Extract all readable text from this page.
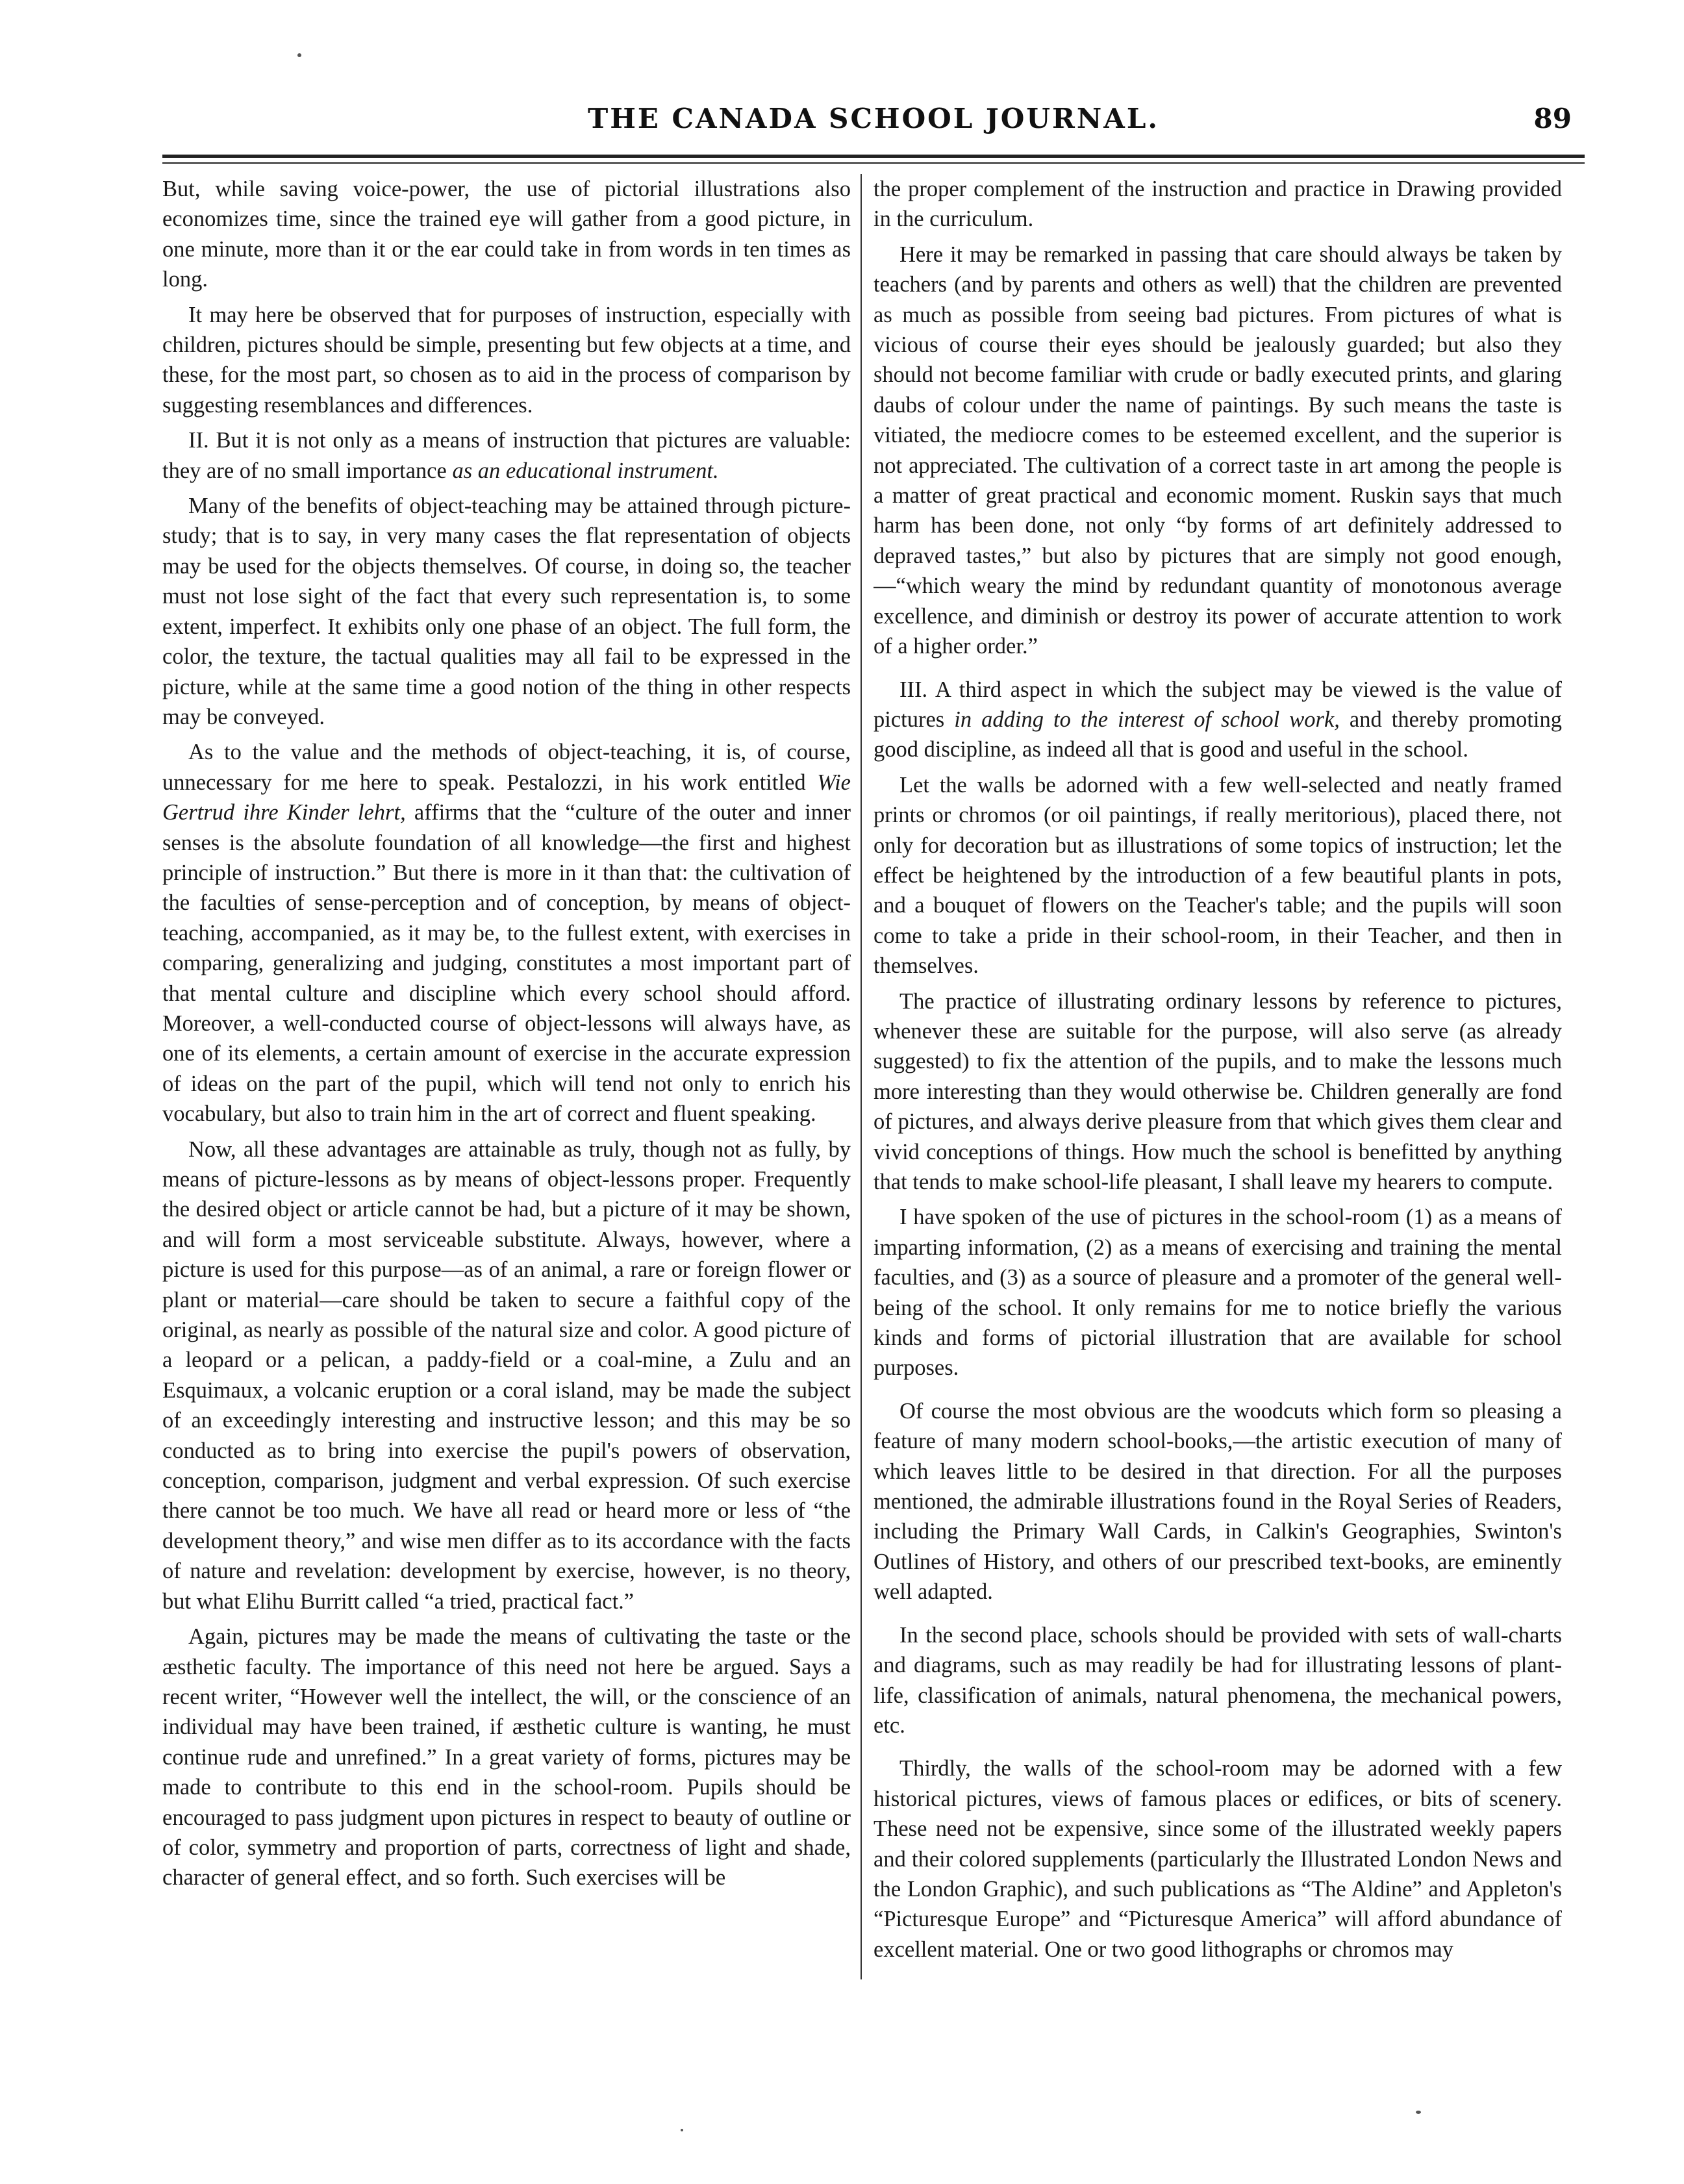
THE CANADA SCHOOL JOURNAL.	89

But, while saving voice-power, the use of pictorial illustrations also economizes time, since the trained eye will gather from a good picture, in one minute, more than it or the ear could take in from words in ten times as long.

It may here be observed that for purposes of instruction, especially with children, pictures should be simple, presenting but few objects at a time, and these, for the most part, so chosen as to aid in the process of comparison by suggesting resemblances and differences.

II. But it is not only as a means of instruction that pictures are valuable: they are of no small importance as an educational instrument.

Many of the benefits of object-teaching may be attained through picture-study; that is to say, in very many cases the flat representation of objects may be used for the objects themselves. Of course, in doing so, the teacher must not lose sight of the fact that every such representation is, to some extent, imperfect. It exhibits only one phase of an object. The full form, the color, the texture, the tactual qualities may all fail to be expressed in the picture, while at the same time a good notion of the thing in other respects may be conveyed.

As to the value and the methods of object-teaching, it is, of course, unnecessary for me here to speak. Pestalozzi, in his work entitled Wie Gertrud ihre Kinder lehrt, affirms that the “culture of the outer and inner senses is the absolute foundation of all knowledge—the first and highest principle of instruction.” But there is more in it than that: the cultivation of the faculties of sense-perception and of conception, by means of object-teaching, accompanied, as it may be, to the fullest extent, with exercises in comparing, generalizing and judging, constitutes a most important part of that mental culture and discipline which every school should afford. Moreover, a well-conducted course of object-lessons will always have, as one of its elements, a certain amount of exercise in the accurate expression of ideas on the part of the pupil, which will tend not only to enrich his vocabulary, but also to train him in the art of correct and fluent speaking.

Now, all these advantages are attainable as truly, though not as fully, by means of picture-lessons as by means of object-lessons proper. Frequently the desired object or article cannot be had, but a picture of it may be shown, and will form a most serviceable substitute. Always, however, where a picture is used for this purpose—as of an animal, a rare or foreign flower or plant or material—care should be taken to secure a faithful copy of the original, as nearly as possible of the natural size and color. A good picture of a leopard or a pelican, a paddy-field or a coal-mine, a Zulu and an Esquimaux, a volcanic eruption or a coral island, may be made the subject of an exceedingly interesting and instructive lesson; and this may be so conducted as to bring into exercise the pupil's powers of observation, conception, comparison, judgment and verbal expression. Of such exercise there cannot be too much. We have all read or heard more or less of “the development theory,” and wise men differ as to its accordance with the facts of nature and revelation: development by exercise, however, is no theory, but what Elihu Burritt called “a tried, practical fact.”

Again, pictures may be made the means of cultivating the taste or the æsthetic faculty. The importance of this need not here be argued. Says a recent writer, “However well the intellect, the will, or the conscience of an individual may have been trained, if æsthetic culture is wanting, he must continue rude and unrefined.” In a great variety of forms, pictures may be made to contribute to this end in the school-room. Pupils should be encouraged to pass judgment upon pictures in respect to beauty of outline or of color, symmetry and proportion of parts, correctness of light and shade, character of general effect, and so forth. Such exercises will be

the proper complement of the instruction and practice in Drawing provided in the curriculum.

Here it may be remarked in passing that care should always be taken by teachers (and by parents and others as well) that the children are prevented as much as possible from seeing bad pictures. From pictures of what is vicious of course their eyes should be jealously guarded; but also they should not become familiar with crude or badly executed prints, and glaring daubs of colour under the name of paintings. By such means the taste is vitiated, the mediocre comes to be esteemed excellent, and the superior is not appreciated. The cultivation of a correct taste in art among the people is a matter of great practical and economic moment. Ruskin says that much harm has been done, not only “by forms of art definitely addressed to depraved tastes,” but also by pictures that are simply not good enough,—“which weary the mind by redundant quantity of monotonous average excellence, and diminish or destroy its power of accurate attention to work of a higher order.”

III. A third aspect in which the subject may be viewed is the value of pictures in adding to the interest of school work, and thereby promoting good discipline, as indeed all that is good and useful in the school.

Let the walls be adorned with a few well-selected and neatly framed prints or chromos (or oil paintings, if really meritorious), placed there, not only for decoration but as illustrations of some topics of instruction; let the effect be heightened by the introduction of a few beautiful plants in pots, and a bouquet of flowers on the Teacher's table; and the pupils will soon come to take a pride in their school-room, in their Teacher, and then in themselves.

The practice of illustrating ordinary lessons by reference to pictures, whenever these are suitable for the purpose, will also serve (as already suggested) to fix the attention of the pupils, and to make the lessons much more interesting than they would otherwise be. Children generally are fond of pictures, and always derive pleasure from that which gives them clear and vivid conceptions of things. How much the school is benefitted by anything that tends to make school-life pleasant, I shall leave my hearers to compute.

I have spoken of the use of pictures in the school-room (1) as a means of imparting information, (2) as a means of exercising and training the mental faculties, and (3) as a source of pleasure and a promoter of the general well-being of the school. It only remains for me to notice briefly the various kinds and forms of pictorial illustration that are available for school purposes.

Of course the most obvious are the woodcuts which form so pleasing a feature of many modern school-books,—the artistic execution of many of which leaves little to be desired in that direction. For all the purposes mentioned, the admirable illustrations found in the Royal Series of Readers, including the Primary Wall Cards, in Calkin's Geographies, Swinton's Outlines of History, and others of our prescribed text-books, are eminently well adapted.

In the second place, schools should be provided with sets of wall-charts and diagrams, such as may readily be had for illustrating lessons of plant-life, classification of animals, natural phenomena, the mechanical powers, etc.

Thirdly, the walls of the school-room may be adorned with a few historical pictures, views of famous places or edifices, or bits of scenery. These need not be expensive, since some of the illustrated weekly papers and their colored supplements (particularly the Illustrated London News and the London Graphic), and such publications as “The Aldine” and Appleton's “Picturesque Europe” and “Picturesque America” will afford abundance of excellent material. One or two good lithographs or chromos may
